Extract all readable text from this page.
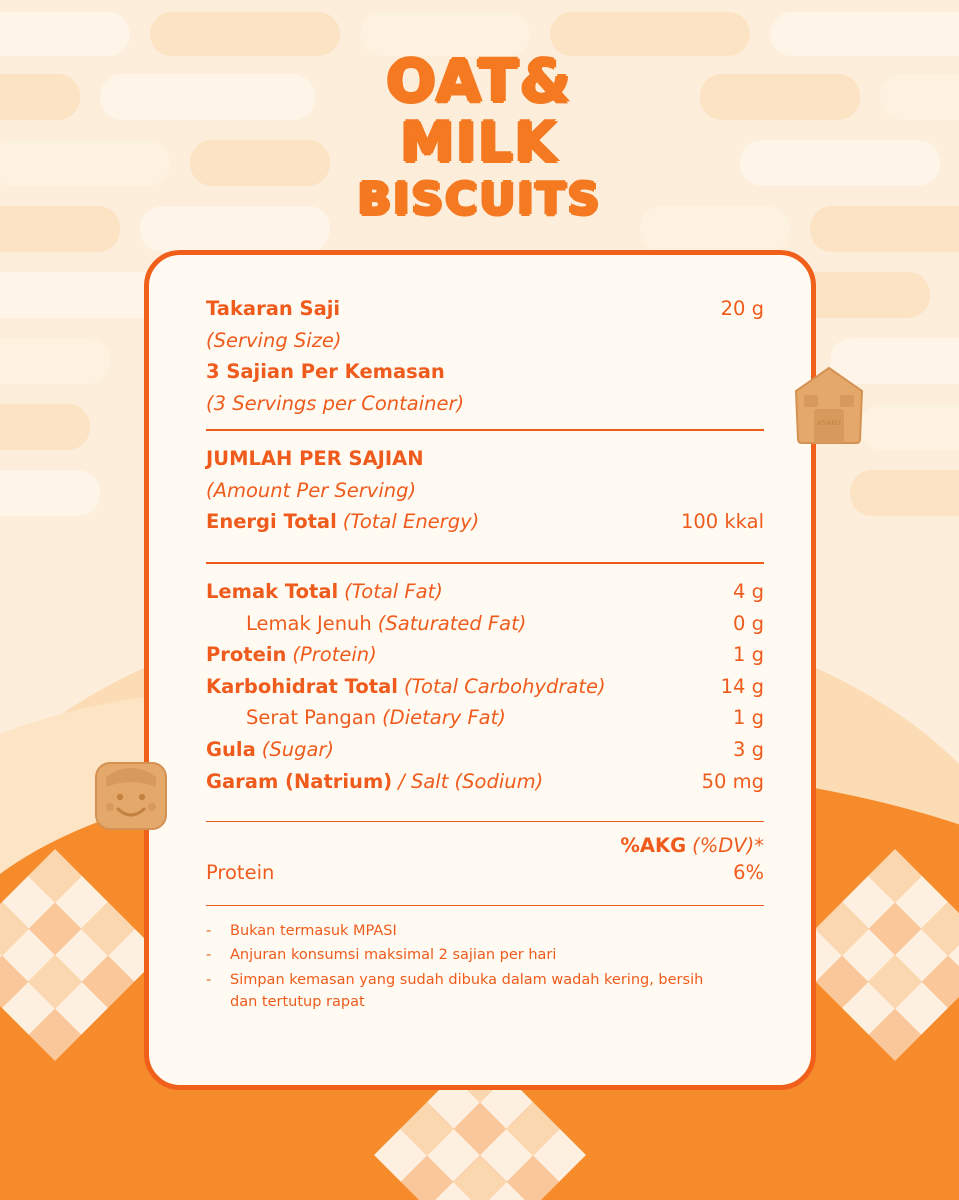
OAT&
MILK
BISCUITS
ASAKU
Takaran Saji	20 g
(Serving Size)
3 Sajian Per Kemasan
(3 Servings per Container)
JUMLAH PER SAJIAN
(Amount Per Serving)
Energi Total (Total Energy)	100 kkal
Lemak Total (Total Fat)	4 g
Lemak Jenuh (Saturated Fat)	0 g
Protein (Protein)	1 g
Karbohidrat Total (Total Carbohydrate)	14 g
Serat Pangan (Dietary Fat)	1 g
Gula (Sugar)	3 g
Garam (Natrium) / Salt (Sodium)	50 mg
%AKG (%DV)*
Protein	6%
-	Bukan termasuk MPASI
-	Anjuran konsumsi maksimal 2 sajian per hari
-	Simpan kemasan yang sudah dibuka dalam wadah kering, bersih dan tertutup rapat
